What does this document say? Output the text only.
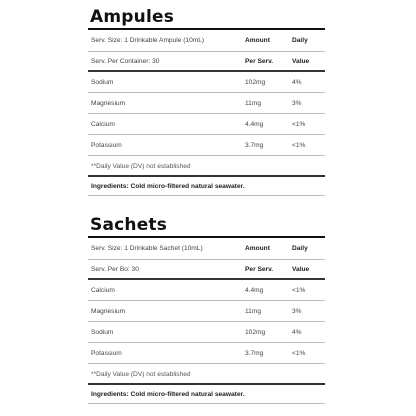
Ampules
Serv. Size: 1 Drinkable Ampule (10mL)	Amount	Daily
Serv. Per Container: 30	Per Serv.	Value
Sodium	102mg	4%
Magnesium	11mg	3%
Calcium	4.4mg	<1%
Potassium	3.7mg	<1%
**Daily Value (DV) not established
Ingredients: Cold micro-filtered natural seawater.
Sachets
Serv. Size: 1 Drinkable Sachet (10mL)	Amount	Daily
Serv. Per Bo: 30	Per Serv.	Value
Calcium	4.4mg	<1%
Magnesium	11mg	3%
Sodium	102mg	4%
Potassium	3.7mg	<1%
**Daily Value (DV) not established
Ingredients: Cold micro-filtered natural seawater.
